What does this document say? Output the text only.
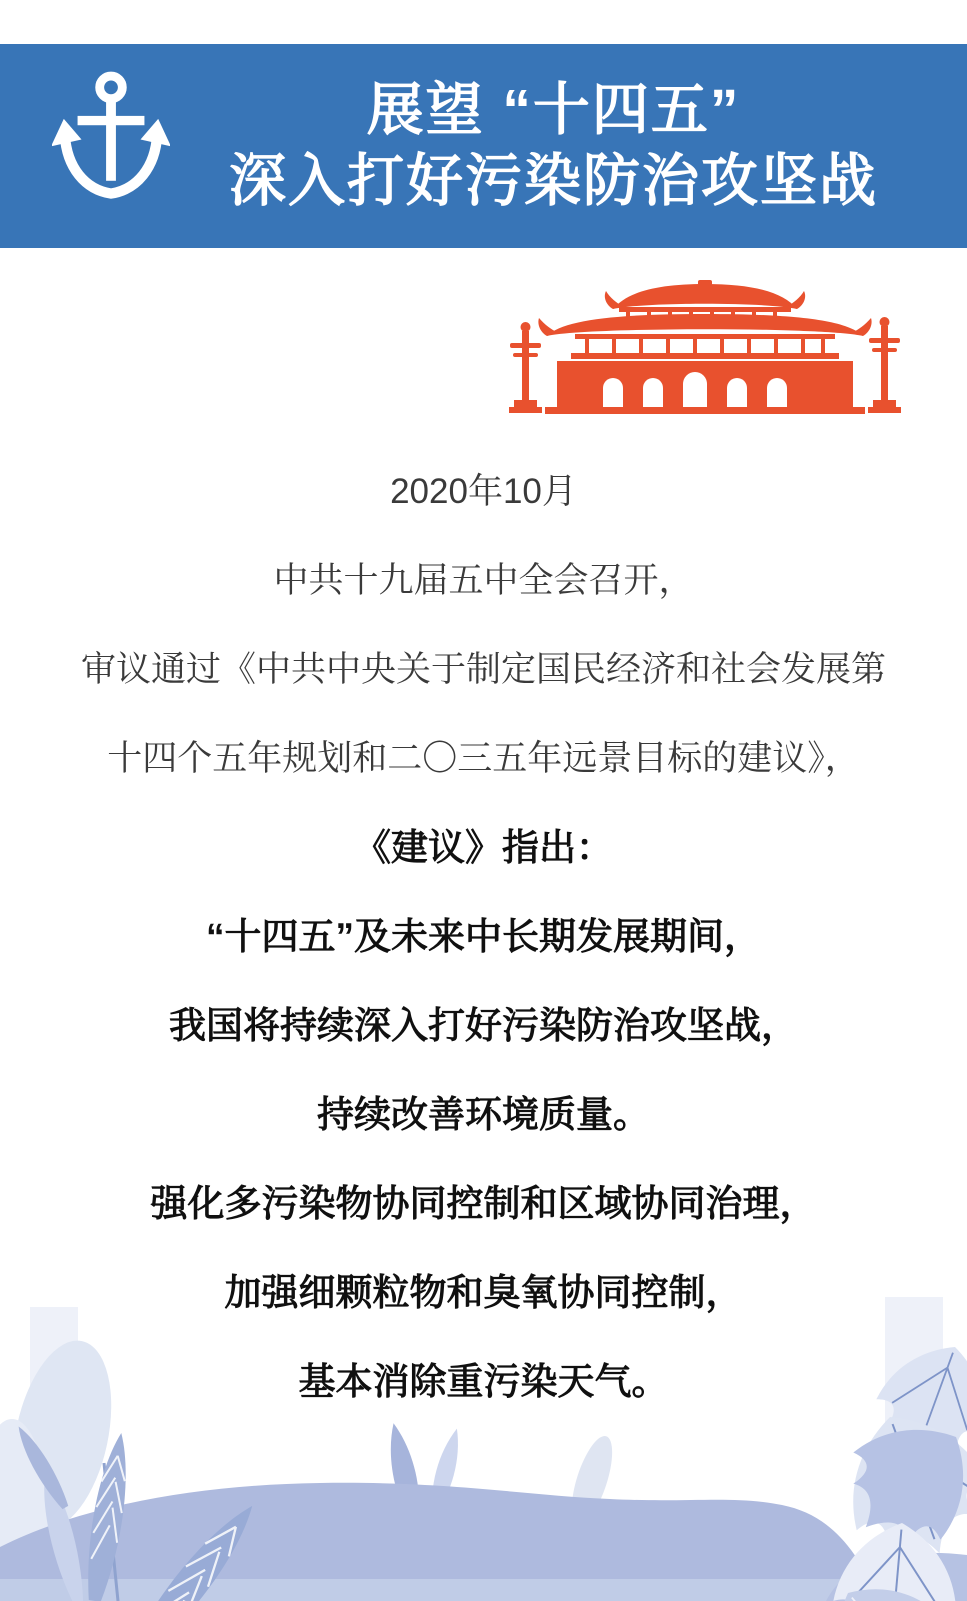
展望 “十四五”
深入打好污染防治攻坚战

2020年10月

中共十九届五中全会召开，

审议通过《中共中央关于制定国民经济和社会发展第

十四个五年规划和二〇三五年远景目标的建议》，

《建议》指出：

“十四五”及未来中长期发展期间，

我国将持续深入打好污染防治攻坚战，

持续改善环境质量。

强化多污染物协同控制和区域协同治理，

加强细颗粒物和臭氧协同控制，

基本消除重污染天气。
